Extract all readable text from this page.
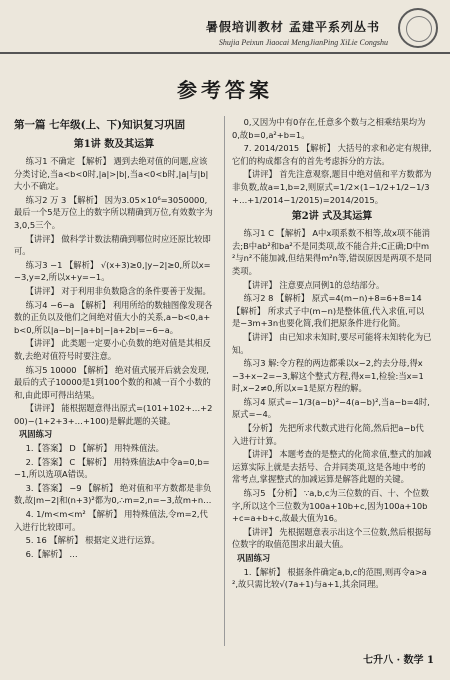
暑假培训教材 孟建平系列丛书
Shujia Peixun Jiaocai MengJianPing XiLie Congshu
参考答案
第一篇 七年级(上、下)知识复习巩固
第1讲 数及其运算
练习1 不确定 【解析】 遇到去绝对值的问题,应该分类讨论,当a<b<0时,|a|>|b|,当a<0<b时,|a|与|b|大小不确定。
练习2 万 3 【解析】 因为3.05×10⁶=3050000,最后一个5是万位上的数字所以精确到万位,有效数字为3,0,5三个。
【讲评】 做科学计数法精确到哪位时应还原比较即可。
练习3 −1 【解析】 √(x+3)≥0,|y−2|≥0,所以x=−3,y=2,所以x+y=−1。
【讲评】 对于利用非负数隐含的条件要善于发掘。
练习4 −6−a 【解析】 利用所给的数轴图像发现各数的正负以及他们之间绝对值大小的关系,a−b<0,a+b<0,所以|a−b|−|a+b|−|a+2b|=−6−a。
【讲评】 此类题一定要小心负数的绝对值是其相反数,去绝对值符号时要注意。
练习5 10000 【解析】 绝对值式展开后就会发现,最后的式子10000是1到100个数的和减一百个小数的和,由此即可得出结果。
【讲评】 能根据题意得出原式=(101+102+…+200)−(1+2+3+…+100)是解此题的关键。
巩固练习
1.【答案】 D 【解析】 用特殊值法。
2.【答案】 C 【解析】 用特殊值法A中令a=0,b=−1,所以选项A错误。
3.【答案】 −9 【解析】 绝对值和平方数都是非负数,故|m−2|和(n+3)²都为0,∴m=2,n=−3,故m+n…
4. 1/m<m<m² 【解析】 用特殊值法,令m=2,代入进行比较即可。
5. 16 【解析】 根据定义进行运算。
6.【解析】 …
0,又因为中有0存在,任意多个数与之相乘结果均为0,故b=0,a²+b=1。
7. 2014/2015 【解析】 大括号的求和必定有规律,它们的构成都含有的首先考虑拆分的方法。
【讲评】 首先注意观察,题目中绝对值和平方数都为非负数,故a=1,b=2,则原式=1/2×(1−1/2+1/2−1/3+…+1/2014−1/2015)=2014/2015。
第2讲 式及其运算
练习1 C 【解析】 A中x项系数不相等,故x项不能消去;B中ab²和ba²不是同类项,故不能合并;C正确;D中m²与n²不能加减,但结果得m²n等,错误原因是两项不是同类项。
【讲评】 注意要点同例1的总结部分。
练习2 8 【解析】 原式=4(m−n)+8=6+8=14 【解析】 所求式子中(m−n)是整体值,代入求值,可以是−3m+3n也要化简,我们把原条件进行化简。
【讲评】 由已知求未知时,要尽可能将未知转化为已知。
练习3 解:令方程的两边都乘以x−2,约去分母,得x−3+x−2=−3,解这个整式方程,得x=1,检验:当x=1时,x−2≠0,所以x=1是原方程的解。
练习4 原式=−1/3(a−b)²−4(a−b)²,当a−b=4时,原式=−4。
【分析】 先把所求代数式进行化简,然后把a−b代入进行计算。
【讲评】 本题考查的是整式的化简求值,整式的加减运算实际上就是去括号、合并同类项,这是各地中考的常考点,掌握整式的加减运算是解答此题的关键。
练习5 【分析】 ∵a,b,c为三位数的百、十、个位数字,所以这个三位数为100a+10b+c,因为100a+10b+c=a+b+c,故最大值为16。
【讲评】 先根据题意表示出这个三位数,然后根据每位数字的取值范围求出最大值。
巩固练习
1.【解析】 根据条件确定a,b,c的范围,则再令a>a²,故只需比较√(7a+1)与a+1,其余同理。
七升八 · 数学 1
